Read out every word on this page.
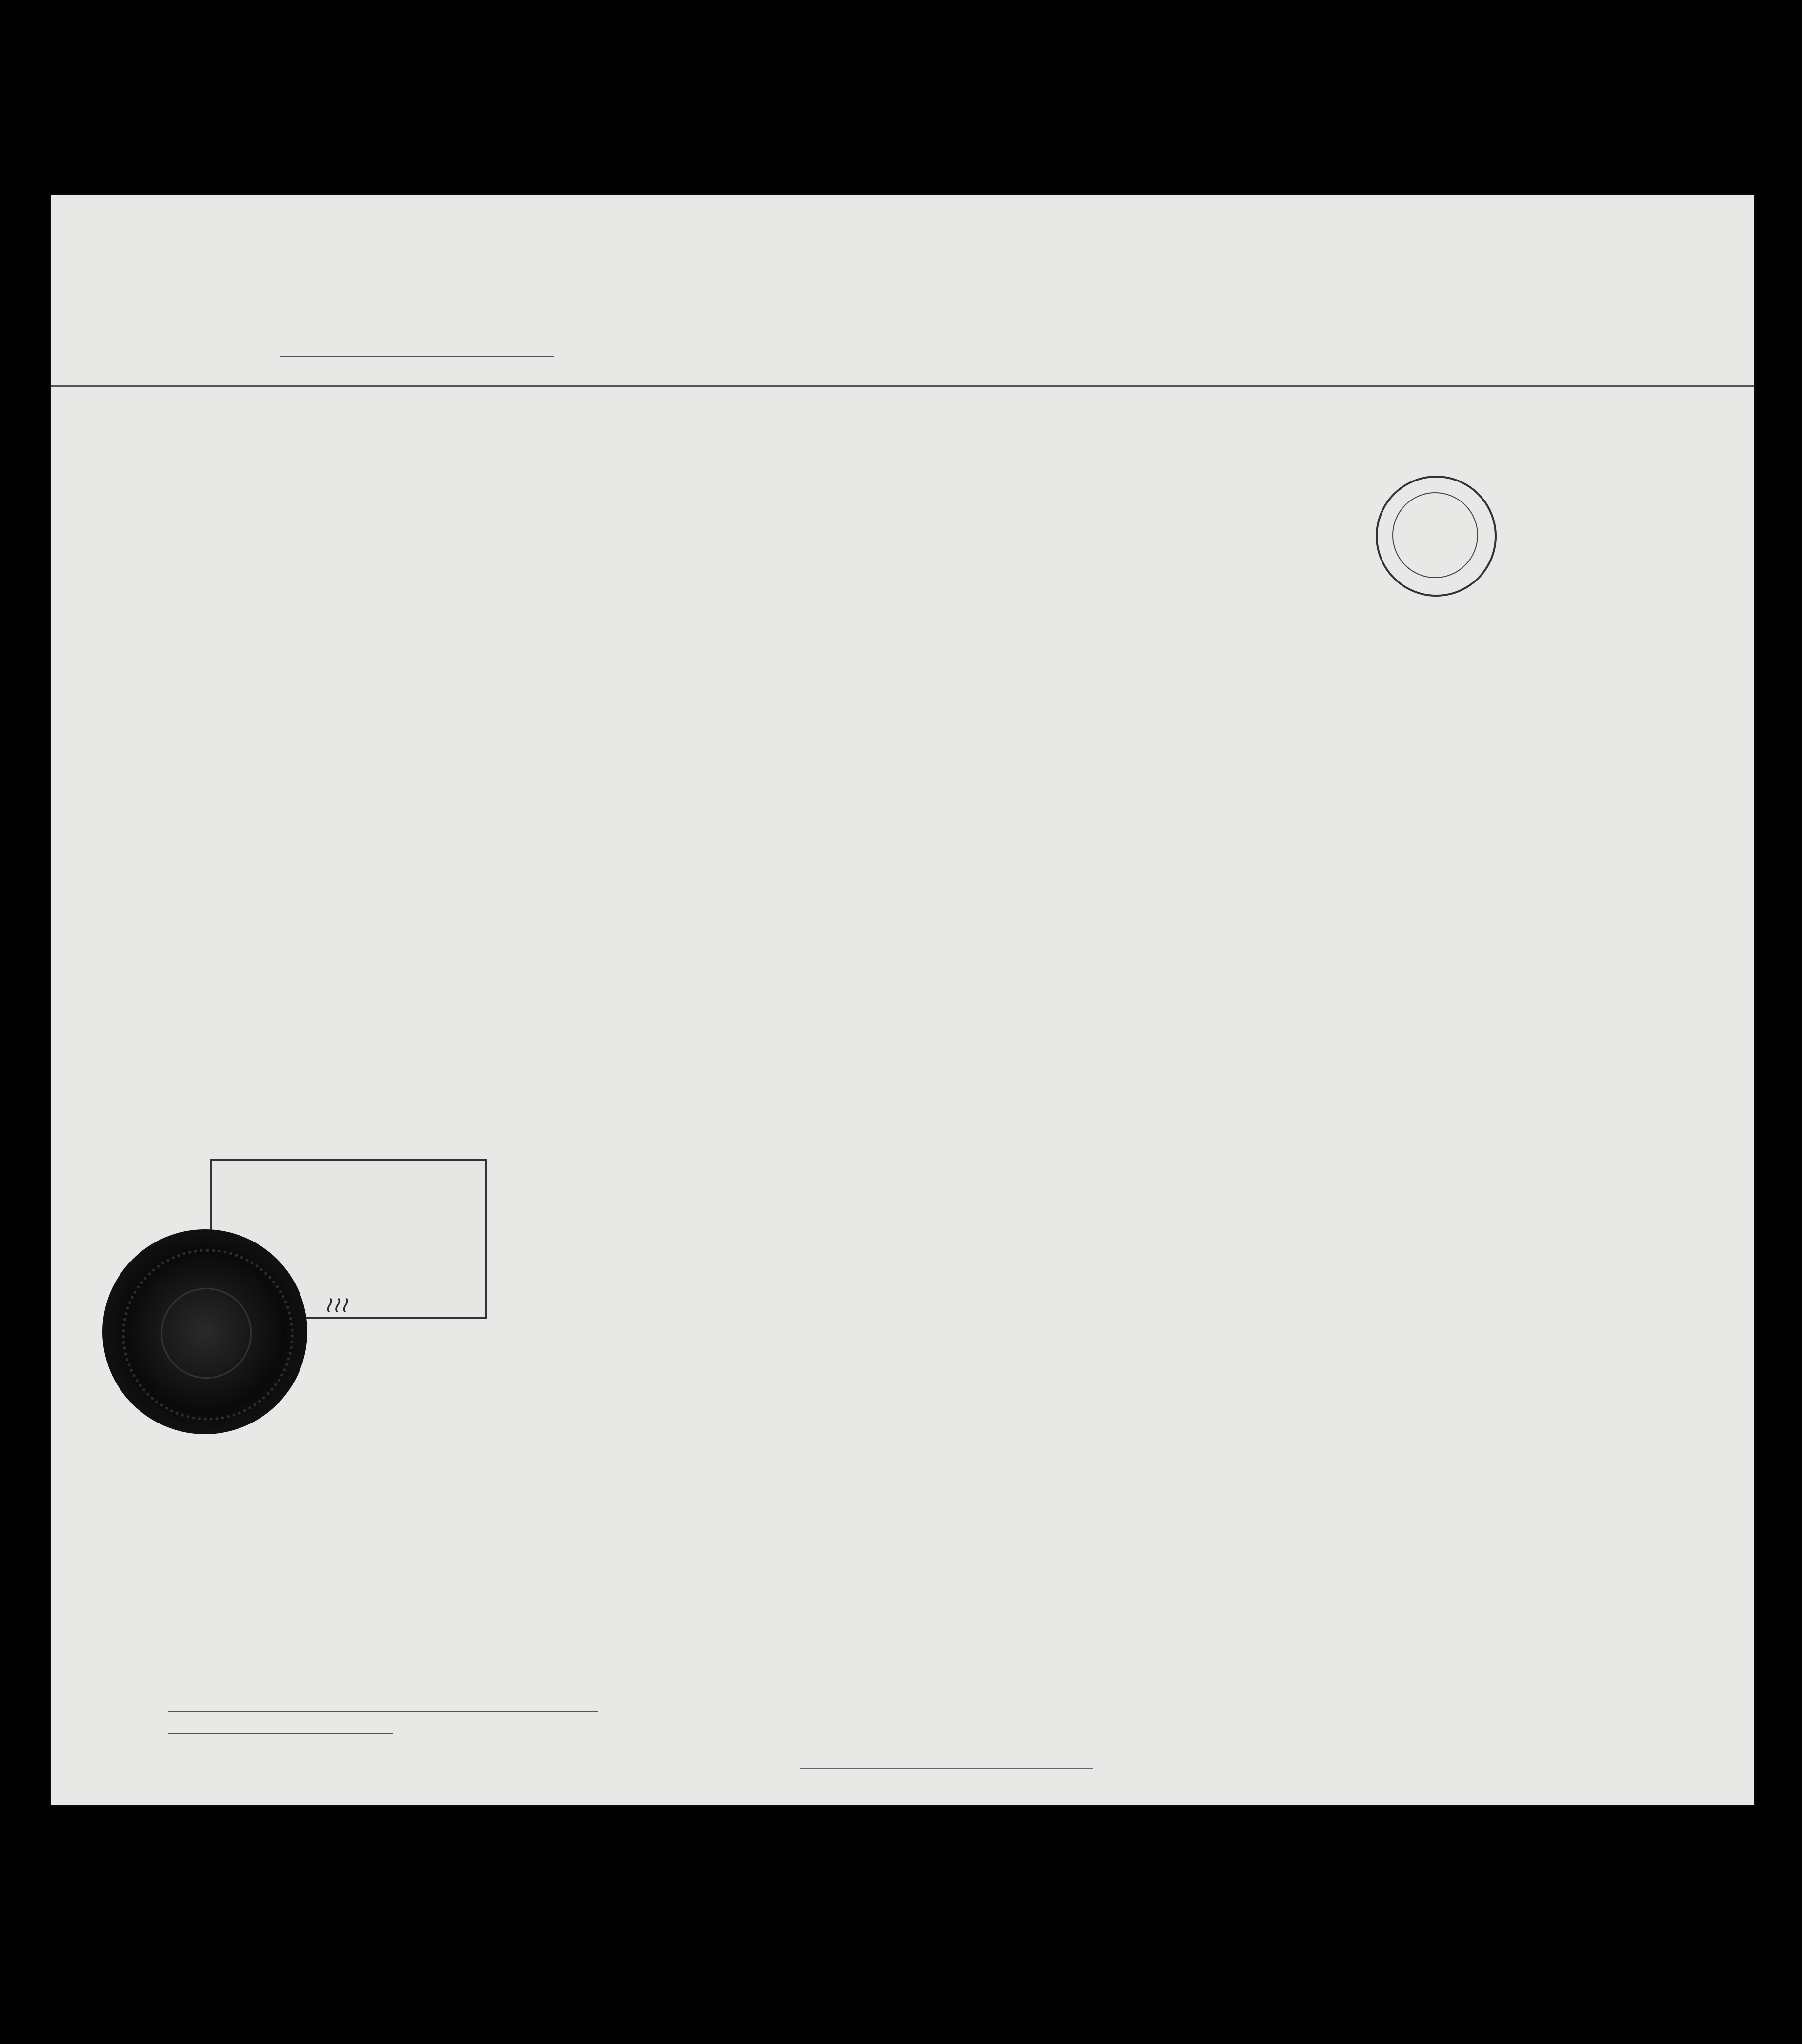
≀≀≀
